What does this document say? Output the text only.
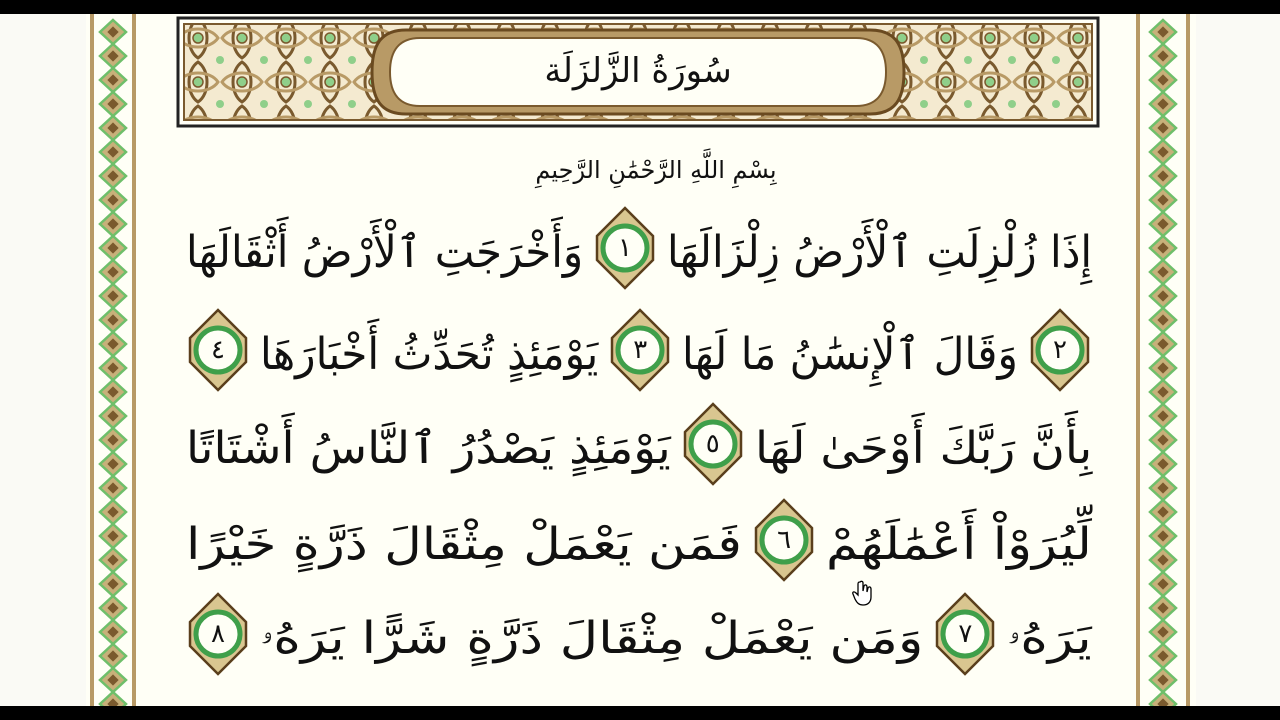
سُورَةُ الزَّلزَلَة
بِسْمِ اللَّهِ الرَّحْمَٰنِ الرَّحِيمِ
إِذَا زُلْزِلَتِ ٱلْأَرْضُ زِلْزَالَهَا
١
وَأَخْرَجَتِ ٱلْأَرْضُ أَثْقَالَهَا
٢
وَقَالَ ٱلْإِنسَٰنُ مَا لَهَا
٣
يَوْمَئِذٍ تُحَدِّثُ أَخْبَارَهَا
٤
بِأَنَّ رَبَّكَ أَوْحَىٰ لَهَا
٥
يَوْمَئِذٍ يَصْدُرُ ٱلنَّاسُ أَشْتَاتًا
لِّيُرَوْاْ أَعْمَٰلَهُمْ
٦
فَمَن يَعْمَلْ مِثْقَالَ ذَرَّةٍ خَيْرًا
يَرَهُۥ
٧
وَمَن يَعْمَلْ مِثْقَالَ ذَرَّةٍ شَرًّا يَرَهُۥ
٨
